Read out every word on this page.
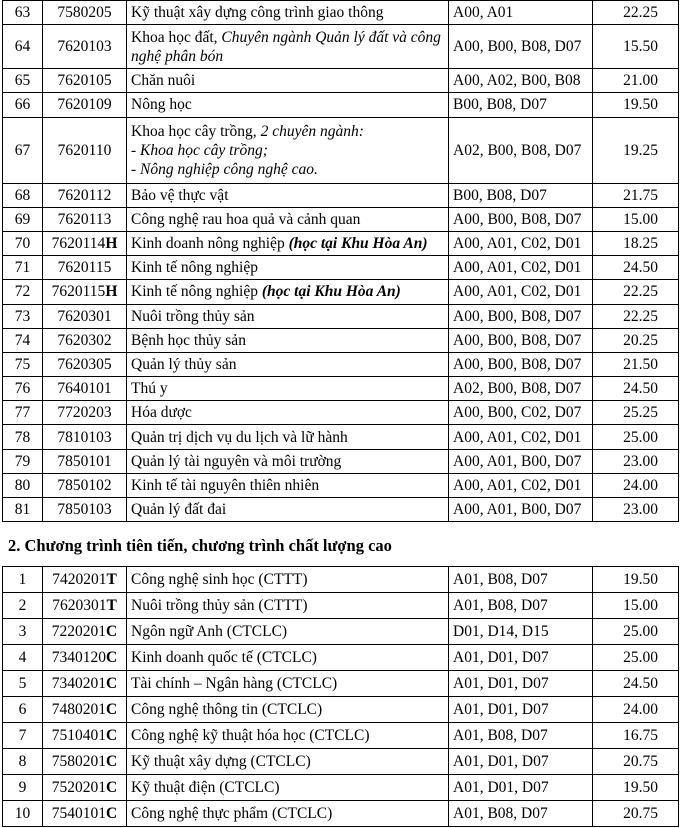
63	7580205	Kỹ thuật xây dựng công trình giao thông	A00, A01	22.25
64	7620103	Khoa học đất, Chuyên ngành Quản lý đất và công nghệ phân bón	A00, B00, B08, D07	15.50
65	7620105	Chăn nuôi	A00, A02, B00, B08	21.00
66	7620109	Nông học	B00, B08, D07	19.50
67	7620110	Khoa học cây trồng, 2 chuyên ngành:
- Khoa học cây trồng;
- Nông nghiệp công nghệ cao.	A02, B00, B08, D07	19.25
68	7620112	Bảo vệ thực vật	B00, B08, D07	21.75
69	7620113	Công nghệ rau hoa quả và cảnh quan	A00, B00, B08, D07	15.00
70	7620114H	Kinh doanh nông nghiệp (học tại Khu Hòa An)	A00, A01, C02, D01	18.25
71	7620115	Kinh tế nông nghiệp	A00, A01, C02, D01	24.50
72	7620115H	Kinh tế nông nghiệp (học tại Khu Hòa An)	A00, A01, C02, D01	22.25
73	7620301	Nuôi trồng thủy sản	A00, B00, B08, D07	22.25
74	7620302	Bệnh học thủy sản	A00, B00, B08, D07	20.25
75	7620305	Quản lý thủy sản	A00, B00, B08, D07	21.50
76	7640101	Thú y	A02, B00, B08, D07	24.50
77	7720203	Hóa dược	A00, B00, C02, D07	25.25
78	7810103	Quản trị dịch vụ du lịch và lữ hành	A00, A01, C02, D01	25.00
79	7850101	Quản lý tài nguyên và môi trường	A00, A01, B00, D07	23.00
80	7850102	Kinh tế tài nguyên thiên nhiên	A00, A01, C02, D01	24.00
81	7850103	Quản lý đất đai	A00, A01, B00, D07	23.00
2. Chương trình tiên tiến, chương trình chất lượng cao
1	7420201T	Công nghệ sinh học (CTTT)	A01, B08, D07	19.50
2	7620301T	Nuôi trồng thủy sản (CTTT)	A01, B08, D07	15.00
3	7220201C	Ngôn ngữ Anh (CTCLC)	D01, D14, D15	25.00
4	7340120C	Kinh doanh quốc tế (CTCLC)	A01, D01, D07	25.00
5	7340201C	Tài chính – Ngân hàng (CTCLC)	A01, D01, D07	24.50
6	7480201C	Công nghệ thông tin (CTCLC)	A01, D01, D07	24.00
7	7510401C	Công nghệ kỹ thuật hóa học (CTCLC)	A01, B08, D07	16.75
8	7580201C	Kỹ thuật xây dựng (CTCLC)	A01, D01, D07	20.75
9	7520201C	Kỹ thuật điện (CTCLC)	A01, D01, D07	19.50
10	7540101C	Công nghệ thực phẩm (CTCLC)	A01, B08, D07	20.75
